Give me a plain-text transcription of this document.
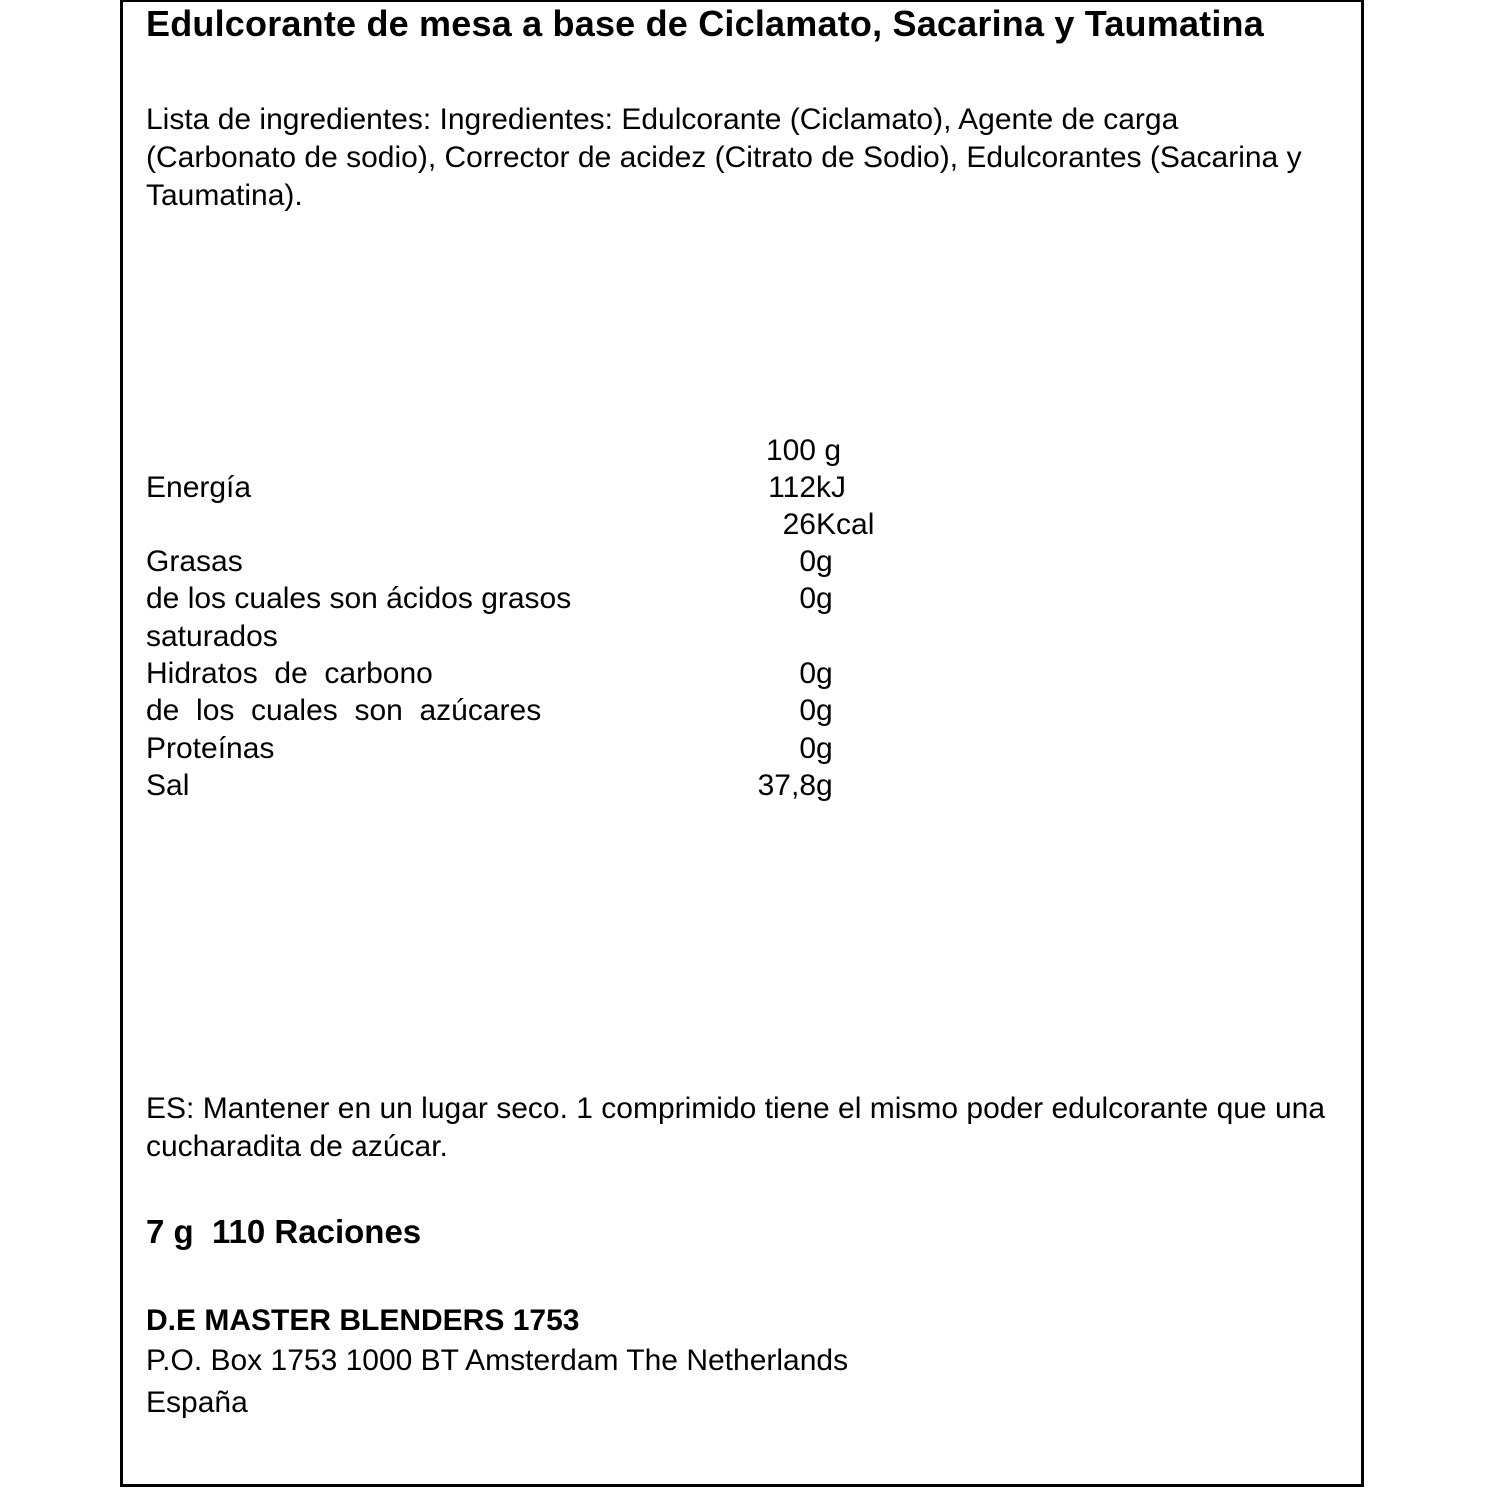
Edulcorante de mesa a base de Ciclamato, Sacarina y Taumatina

Lista de ingredientes: Ingredientes: Edulcorante (Ciclamato), Agente de carga (Carbonato de sodio), Corrector de acidez (Citrato de Sodio), Edulcorantes (Sacarina y Taumatina).

100 g
Energía	112kJ
26Kcal
Grasas	0g
de los cuales son ácidos grasos	0g
saturados
Hidratos  de  carbono	0g
de  los  cuales  son  azúcares	0g
Proteínas	0g
Sal	37,8g

ES: Mantener en un lugar seco. 1 comprimido tiene el mismo poder edulcorante que una cucharadita de azúcar.

7 g  110 Raciones
D.E MASTER BLENDERS 1753
P.O. Box 1753 1000 BT Amsterdam The Netherlands
España
